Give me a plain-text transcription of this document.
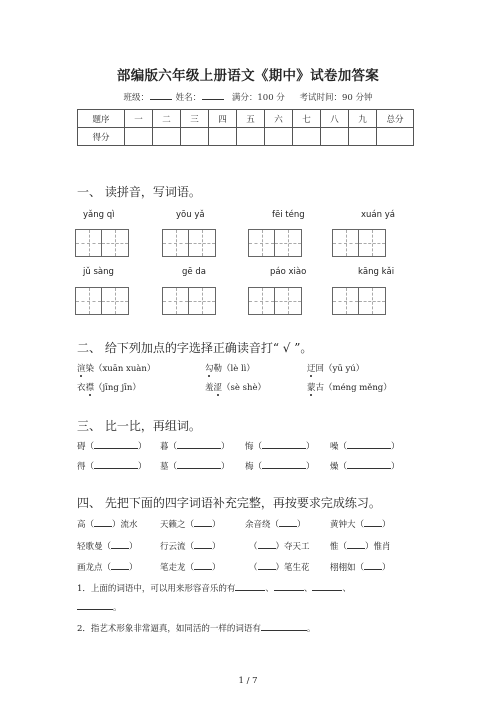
部编版六年级上册语文《期中》试卷加答案
班级：	姓名：	满分：100 分 考试时间：90 分钟
题序	一	二	三	四	五	六	七	八	九	总分
得分										
一、 读拼音，写词语。
yǎng qì	yōu yǎ	fēi téng	xuán yá
jǔ sàng	gē da	páo xiào	kāng kǎi
二、 给下列加点的字选择正确读音打“ √ ”。
渲染（xuān xuàn）	勾勒（lè lì）	迂回（yū yú）
衣襟（jīng jīn）	羞涩（sè shè）	蒙古（méng měng）
三、 比一比，再组词。
碍（	） 暮（	） 悔（	） 噪（	）
得（	） 墓（	） 梅（	） 燥（	）
四、 先把下面的四字词语补充完整，再按要求完成练习。
高（ ）流水	天籁之（ ）	余音绕（ ）	黄钟大（ ）
轻歌曼（ ）	行云流（ ）	（ ）夺天工 惟（ ）惟肖
画龙点（ ）	笔走龙（ ）	（ ）笔生花 栩栩如（ ）
1．上面的词语中，可以用来形容音乐的有	、	、	、
。
2．指艺术形象非常逼真，如同活的一样的词语有	。
1 / 7
